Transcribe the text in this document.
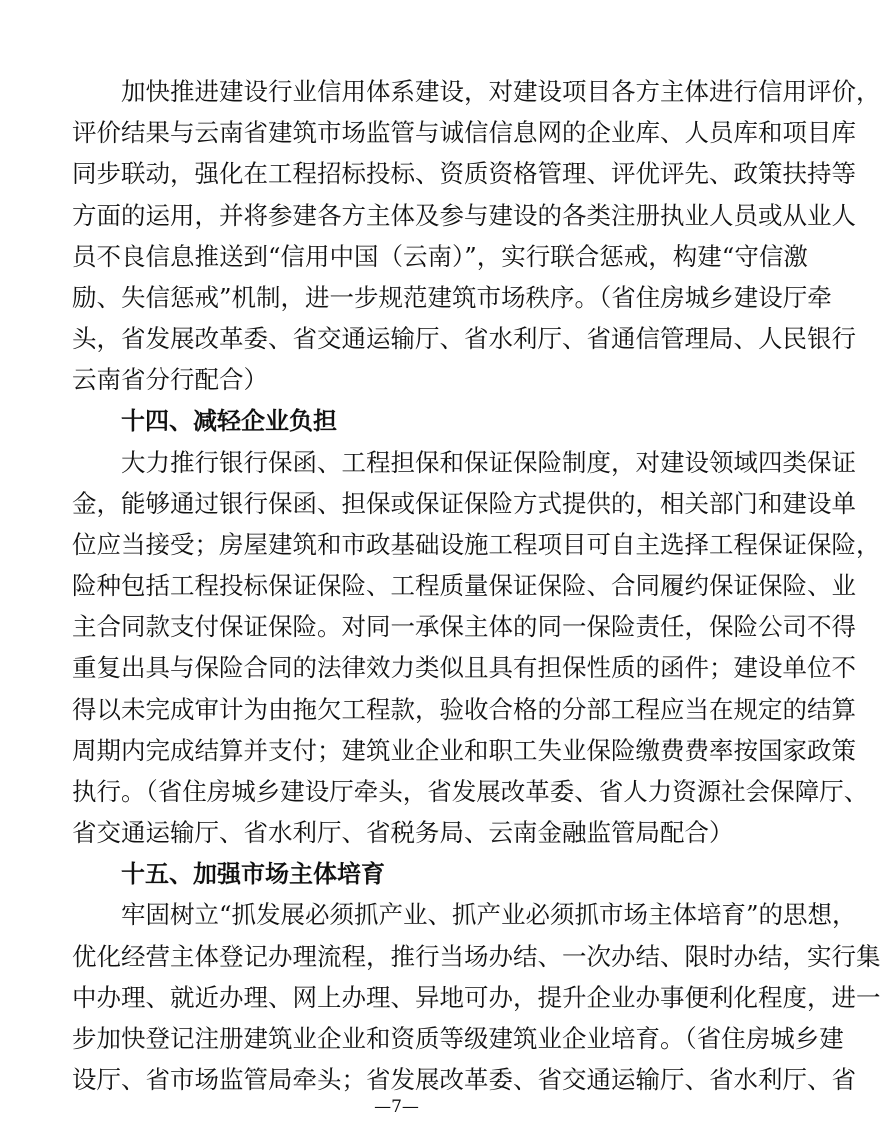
加快推进建设行业信用体系建设，对建设项目各方主体进行信用评价，
评价结果与云南省建筑市场监管与诚信信息网的企业库、人员库和项目库
同步联动，强化在工程招标投标、资质资格管理、评优评先、政策扶持等
方面的运用，并将参建各方主体及参与建设的各类注册执业人员或从业人
员不良信息推送到“信用中国（云南）”，实行联合惩戒，构建“守信激
励、失信惩戒”机制，进一步规范建筑市场秩序。（省住房城乡建设厅牵
头，省发展改革委、省交通运输厅、省水利厅、省通信管理局、人民银行
云南省分行配合）
十四、减轻企业负担
大力推行银行保函、工程担保和保证保险制度，对建设领域四类保证
金，能够通过银行保函、担保或保证保险方式提供的，相关部门和建设单
位应当接受；房屋建筑和市政基础设施工程项目可自主选择工程保证保险，
险种包括工程投标保证保险、工程质量保证保险、合同履约保证保险、业
主合同款支付保证保险。对同一承保主体的同一保险责任，保险公司不得
重复出具与保险合同的法律效力类似且具有担保性质的函件；建设单位不
得以未完成审计为由拖欠工程款，验收合格的分部工程应当在规定的结算
周期内完成结算并支付；建筑业企业和职工失业保险缴费费率按国家政策
执行。（省住房城乡建设厅牵头，省发展改革委、省人力资源社会保障厅、
省交通运输厅、省水利厅、省税务局、云南金融监管局配合）
十五、加强市场主体培育
牢固树立“抓发展必须抓产业、抓产业必须抓市场主体培育”的思想，
优化经营主体登记办理流程，推行当场办结、一次办结、限时办结，实行集
中办理、就近办理、网上办理、异地可办，提升企业办事便利化程度，进一
步加快登记注册建筑业企业和资质等级建筑业企业培育。（省住房城乡建
设厅、省市场监管局牵头；省发展改革委、省交通运输厅、省水利厅、省
—7—
